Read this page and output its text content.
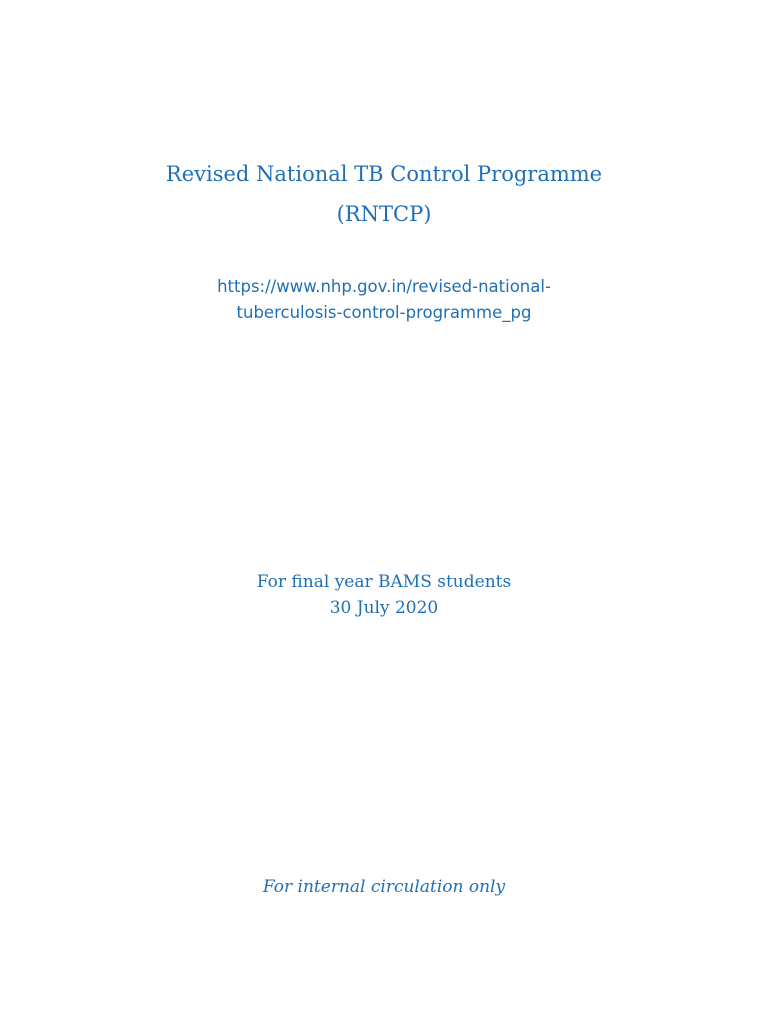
Revised National TB Control Programme
(RNTCP)
https://www.nhp.gov.in/revised-national-
tuberculosis-control-programme_pg
For final year BAMS students
30 July 2020
For internal circulation only
